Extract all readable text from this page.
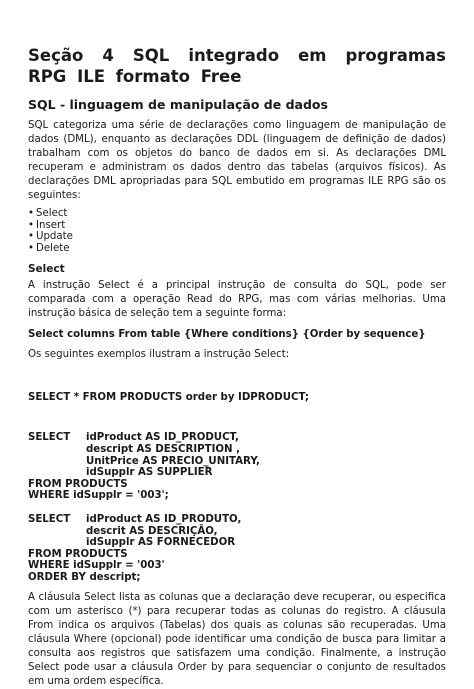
Seção 4 SQL integrado em programas RPG ILE formato Free
SQL - linguagem de manipulação de dados

SQL categoriza uma série de declarações como linguagem de manipulação de dados (DML), enquanto as declarações DDL (linguagem de definição de dados) trabalham com os objetos do banco de dados em si. As declarações DML recuperam e administram os dados dentro das tabelas (arquivos físicos). As declarações DML apropriadas para SQL embutido em programas ILE RPG são os seguintes:

• Select
• Insert
• Update
• Delete
Select

A instrução Select é a principal instrução de consulta do SQL, pode ser comparada com a operação Read do RPG, mas com várias melhorias. Uma instrução básica de seleção tem a seguinte forma:

Select columns From table {Where conditions} {Order by sequence}

Os seguintes exemplos ilustram a instrução Select:

SELECT * FROM PRODUCTS order by IDPRODUCT;

SELECT idProduct AS ID_PRODUCT,
descript AS DESCRIPTION ,
UnitPrice AS PRECIO_UNITARY,
idSupplr AS SUPPLIER
FROM PRODUCTS
WHERE idSupplr = '003';
SELECT idProduct AS ID_PRODUTO,
descrit AS DESCRIÇÃO,
idSupplr AS FORNECEDOR
FROM PRODUCTS
WHERE idSupplr = '003'
ORDER BY descript;

A cláusula Select lista as colunas que a declaração deve recuperar, ou especifica com um asterisco (*) para recuperar todas as colunas do registro. A cláusula From indica os arquivos (Tabelas) dos quais as colunas são recuperadas. Uma cláusula Where (opcional) pode identificar uma condição de busca para limitar a consulta aos registros que satisfazem uma condição. Finalmente, a instrução Select pode usar a cláusula Order by para sequenciar o conjunto de resultados em uma ordem específica.
